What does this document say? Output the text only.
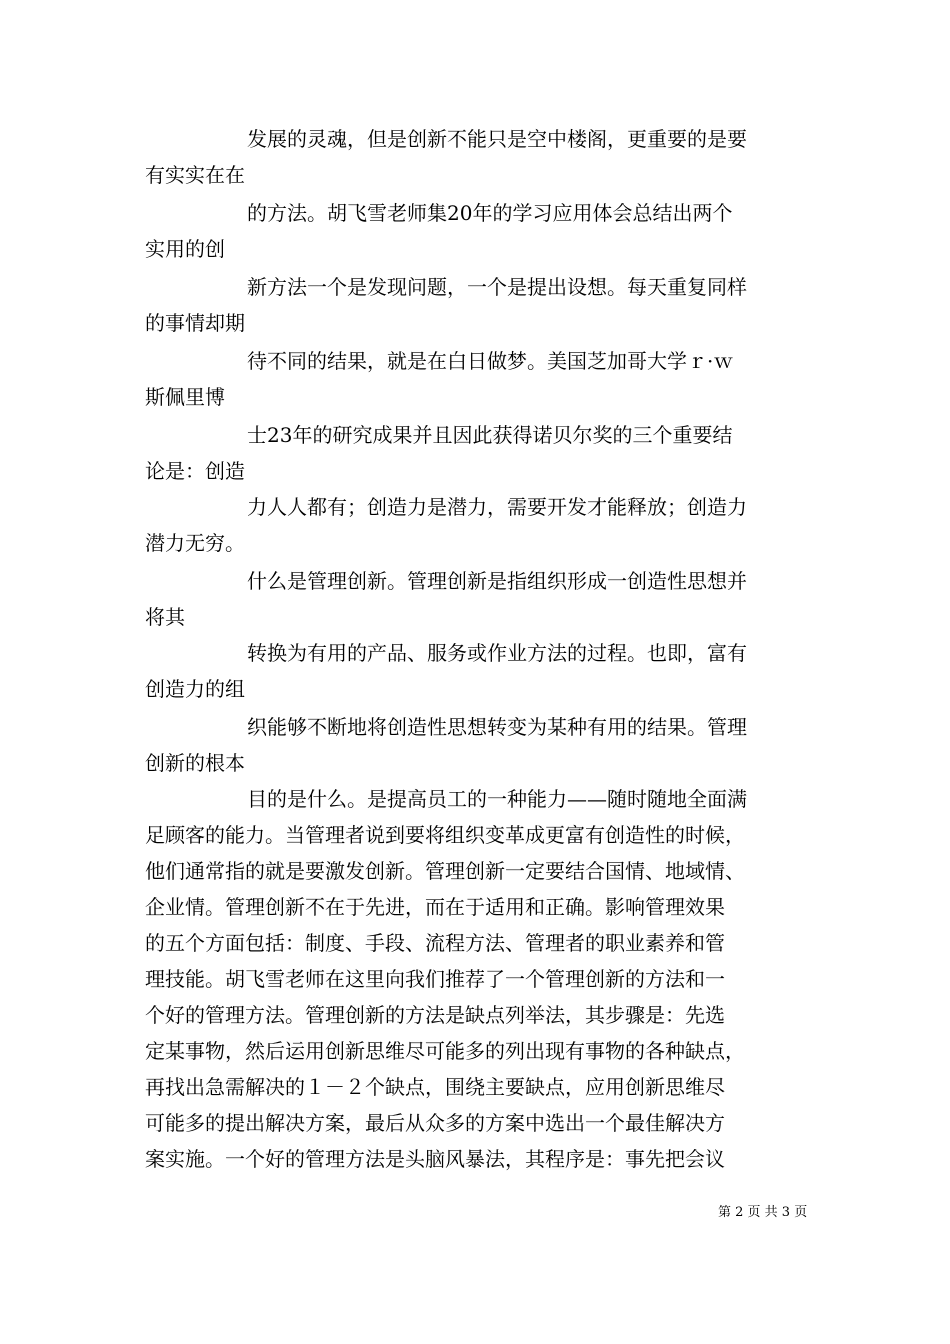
发展的灵魂，但是创新不能只是空中楼阁，更重要的是要
有实实在在
的方法。胡飞雪老师集20年的学习应用体会总结出两个
实用的创
新方法一个是发现问题，一个是提出设想。每天重复同样
的事情却期
待不同的结果，就是在白日做梦。美国芝加哥大学ｒ·ｗ
斯佩里博
士23年的研究成果并且因此获得诺贝尔奖的三个重要结
论是：创造
力人人都有；创造力是潜力，需要开发才能释放；创造力
潜力无穷。
什么是管理创新。管理创新是指组织形成一创造性思想并
将其
转换为有用的产品、服务或作业方法的过程。也即，富有
创造力的组
织能够不断地将创造性思想转变为某种有用的结果。管理
创新的根本
目的是什么。是提高员工的一种能力——随时随地全面满
足顾客的能力。当管理者说到要将组织变革成更富有创造性的时候，
他们通常指的就是要激发创新。管理创新一定要结合国情、地域情、
企业情。管理创新不在于先进，而在于适用和正确。影响管理效果
的五个方面包括：制度、手段、流程方法、管理者的职业素养和管
理技能。胡飞雪老师在这里向我们推荐了一个管理创新的方法和一
个好的管理方法。管理创新的方法是缺点列举法，其步骤是：先选
定某事物，然后运用创新思维尽可能多的列出现有事物的各种缺点，
再找出急需解决的１－２个缺点，围绕主要缺点，应用创新思维尽
可能多的提出解决方案，最后从众多的方案中选出一个最佳解决方
案实施。一个好的管理方法是头脑风暴法，其程序是：事先把会议
第 2 页 共 3 页
